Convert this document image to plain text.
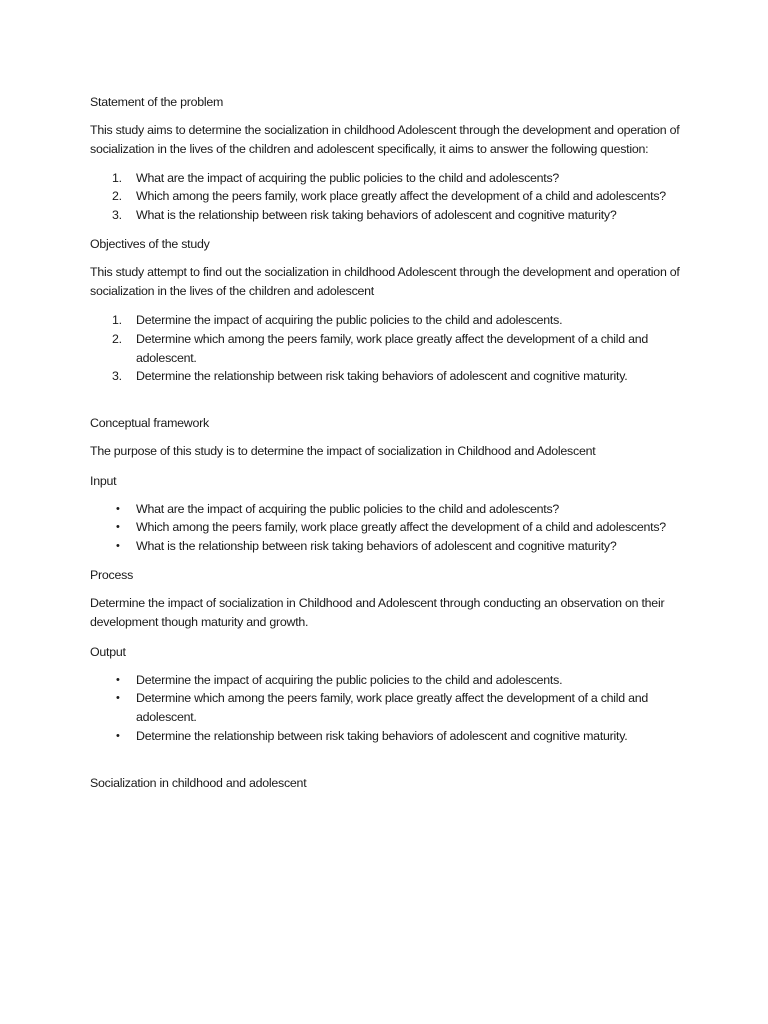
Statement of the problem

This study aims to determine the socialization in childhood Adolescent through the development and operation of socialization in the lives of the children and adolescent specifically, it aims to answer the following question:

1. What are the impact of acquiring the public policies to the child and adolescents?
2. Which among the peers family, work place greatly affect the development of a child and adolescents?
3. What is the relationship between risk taking behaviors of adolescent and cognitive maturity?
Objectives of the study

This study attempt to find out the socialization in childhood Adolescent through the development and operation of socialization in the lives of the children and adolescent

1. Determine the impact of acquiring the public policies to the child and adolescents.
2. Determine which among the peers family, work place greatly affect the development of a child and adolescent.
3. Determine the relationship between risk taking behaviors of adolescent and cognitive maturity.
Conceptual framework

The purpose of this study is to determine the impact of socialization in Childhood and Adolescent

Input
• What are the impact of acquiring the public policies to the child and adolescents?
• Which among the peers family, work place greatly affect the development of a child and adolescents?
• What is the relationship between risk taking behaviors of adolescent and cognitive maturity?
Process

Determine the impact of socialization in Childhood and Adolescent through conducting an observation on their development though maturity and growth.

Output
• Determine the impact of acquiring the public policies to the child and adolescents.
• Determine which among the peers family, work place greatly affect the development of a child and adolescent.
• Determine the relationship between risk taking behaviors of adolescent and cognitive maturity.
Socialization in childhood and adolescent
